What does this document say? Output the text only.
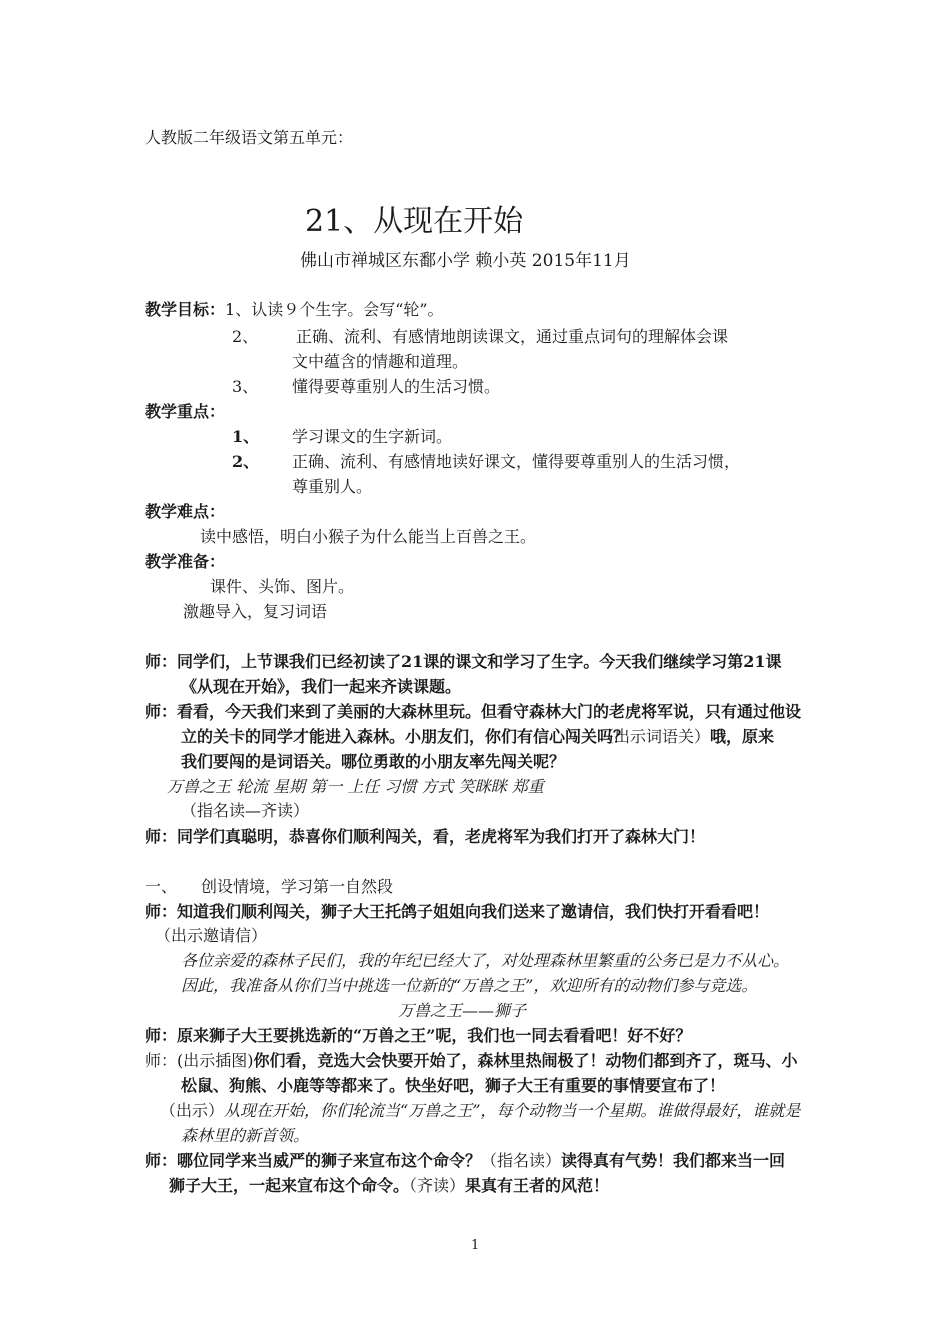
人教版二年级语文第五单元：
21、从现在开始
佛山市禅城区东鄱小学 赖小英 2015年11月
教学目标：1、认读９个生字。会写“轮”。
2、 正确、流利、有感情地朗读课文，通过重点词句的理解体会课
文中蕴含的情趣和道理。
3、 懂得要尊重别人的生活习惯。
教学重点：
1、 学习课文的生字新词。
2、 正确、流利、有感情地读好课文，懂得要尊重别人的生活习惯，
尊重别人。
教学难点：
读中感悟，明白小猴子为什么能当上百兽之王。
教学准备：
课件、头饰、图片。
激趣导入，复习词语
师：同学们，上节课我们已经初读了21课的课文和学习了生字。今天我们继续学习第21课
《从现在开始》，我们一起来齐读课题。
师：看看，今天我们来到了美丽的大森林里玩。但看守森林大门的老虎将军说，只有通过他设
立的关卡的同学才能进入森林。小朋友们，你们有信心闯关吗？
（出示词语关）哦，原来
我们要闯的是词语关。哪位勇敢的小朋友率先闯关呢？
万兽之王 轮流 星期 第一 上任 习惯 方式 笑眯眯 郑重
（指名读—齐读）
师：同学们真聪明，恭喜你们顺利闯关，看，老虎将军为我们打开了森林大门！
一、 创设情境，学习第一自然段
师：知道我们顺利闯关，狮子大王托鸽子姐姐向我们送来了邀请信，我们快打开看看吧！
（出示邀请信）
各位亲爱的森林子民们，我的年纪已经大了，对处理森林里繁重的公务已是力不从心。
因此，我准备从你们当中挑选一位新的“万兽之王”，欢迎所有的动物们参与竞选。
万兽之王——狮子
师：原来狮子大王要挑选新的“万兽之王”呢，我们也一同去看看吧！好不好？
师：(出示插图)你们看，竞选大会快要开始了，森林里热闹极了！动物们都到齐了，斑马、小
松鼠、狗熊、小鹿等等都来了。快坐好吧，狮子大王有重要的事情要宣布了！
（出示）从现在开始，你们轮流当“万兽之王”，每个动物当一个星期。谁做得最好，谁就是
森林里的新首领。
师：哪位同学来当威严的狮子来宣布这个命令？（指名读）读得真有气势！我们都来当一回
狮子大王，一起来宣布这个命令。（齐读）果真有王者的风范！
1
